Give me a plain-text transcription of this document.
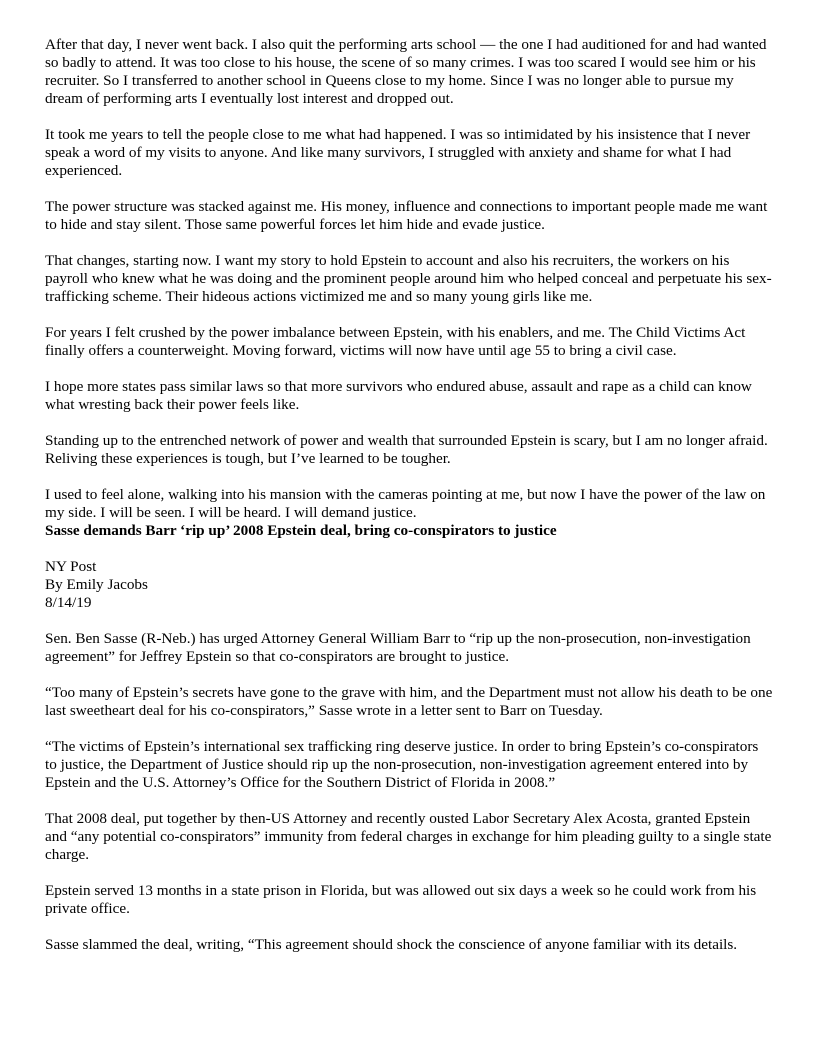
After that day, I never went back. I also quit the performing arts school — the one I had auditioned for and had wanted so badly to attend. It was too close to his house, the scene of so many crimes. I was too scared I would see him or his recruiter. So I transferred to another school in Queens close to my home. Since I was no longer able to pursue my dream of performing arts I eventually lost interest and dropped out.

It took me years to tell the people close to me what had happened. I was so intimidated by his insistence that I never speak a word of my visits to anyone. And like many survivors, I struggled with anxiety and shame for what I had experienced.

The power structure was stacked against me. His money, influence and connections to important people made me want to hide and stay silent. Those same powerful forces let him hide and evade justice.

That changes, starting now. I want my story to hold Epstein to account and also his recruiters, the workers on his payroll who knew what he was doing and the prominent people around him who helped conceal and perpetuate his sex-trafficking scheme. Their hideous actions victimized me and so many young girls like me.

For years I felt crushed by the power imbalance between Epstein, with his enablers, and me. The Child Victims Act finally offers a counterweight. Moving forward, victims will now have until age 55 to bring a civil case.

I hope more states pass similar laws so that more survivors who endured abuse, assault and rape as a child can know what wresting back their power feels like.

Standing up to the entrenched network of power and wealth that surrounded Epstein is scary, but I am no longer afraid. Reliving these experiences is tough, but I’ve learned to be tougher.

I used to feel alone, walking into his mansion with the cameras pointing at me, but now I have the power of the law on my side. I will be seen. I will be heard. I will demand justice.

Sasse demands Barr ‘rip up’ 2008 Epstein deal, bring co-conspirators to justice
NY Post
By Emily Jacobs
8/14/19

Sen. Ben Sasse (R-Neb.) has urged Attorney General William Barr to “rip up the non-prosecution, non-investigation agreement” for Jeffrey Epstein so that co-conspirators are brought to justice.

“Too many of Epstein’s secrets have gone to the grave with him, and the Department must not allow his death to be one last sweetheart deal for his co-conspirators,” Sasse wrote in a letter sent to Barr on Tuesday.

“The victims of Epstein’s international sex trafficking ring deserve justice. In order to bring Epstein’s co-conspirators to justice, the Department of Justice should rip up the non-prosecution, non-investigation agreement entered into by Epstein and the U.S. Attorney’s Office for the Southern District of Florida in 2008.”

That 2008 deal, put together by then-US Attorney and recently ousted Labor Secretary Alex Acosta, granted Epstein and “any potential co-conspirators” immunity from federal charges in exchange for him pleading guilty to a single state charge.

Epstein served 13 months in a state prison in Florida, but was allowed out six days a week so he could work from his private office.

Sasse slammed the deal, writing, “This agreement should shock the conscience of anyone familiar with its details.
